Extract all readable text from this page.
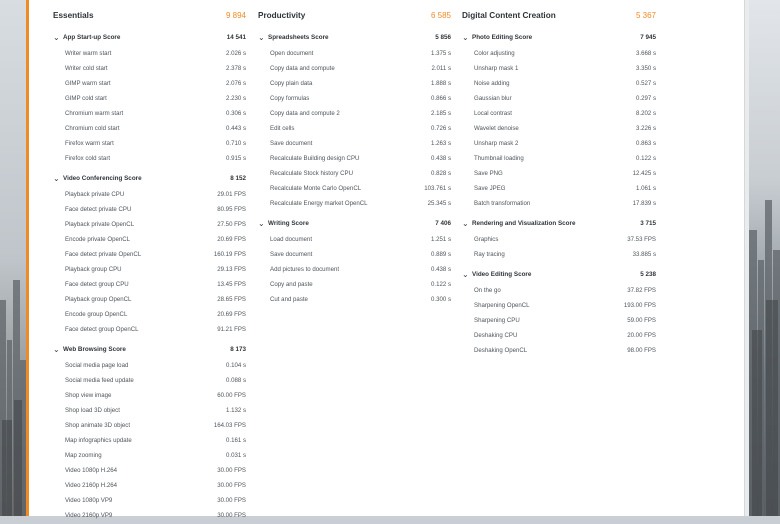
Essentials	9 894
⌄ App Start-up Score	14 541
Writer warm start	2.026 s
Writer cold start	2.378 s
GIMP warm start	2.076 s
GIMP cold start	2.230 s
Chromium warm start	0.306 s
Chromium cold start	0.443 s
Firefox warm start	0.710 s
Firefox cold start	0.915 s
⌄ Video Conferencing Score	8 152
Playback private CPU	29.01 FPS
Face detect private CPU	80.95 FPS
Playback private OpenCL	27.50 FPS
Encode private OpenCL	20.69 FPS
Face detect private OpenCL	160.19 FPS
Playback group CPU	29.13 FPS
Face detect group CPU	13.45 FPS
Playback group OpenCL	28.65 FPS
Encode group OpenCL	20.69 FPS
Face detect group OpenCL	91.21 FPS
⌄ Web Browsing Score	8 173
Social media page load	0.104 s
Social media feed update	0.088 s
Shop view image	60.00 FPS
Shop load 3D object	1.132 s
Shop animate 3D object	164.03 FPS
Map infographics update	0.161 s
Map zooming	0.031 s
Video 1080p H.264	30.00 FPS
Video 2160p H.264	30.00 FPS
Video 1080p VP9	30.00 FPS
Video 2160p VP9	30.00 FPS
Productivity	6 585
⌄ Spreadsheets Score	5 856
Open document	1.375 s
Copy data and compute	2.011 s
Copy plain data	1.888 s
Copy formulas	0.866 s
Copy data and compute 2	2.185 s
Edit cells	0.726 s
Save document	1.263 s
Recalculate Building design CPU	0.438 s
Recalculate Stock history CPU	0.828 s
Recalculate Monte Carlo OpenCL	103.761 s
Recalculate Energy market OpenCL	25.345 s
⌄ Writing Score	7 406
Load document	1.251 s
Save document	0.889 s
Add pictures to document	0.438 s
Copy and paste	0.122 s
Cut and paste	0.300 s
Digital Content Creation	5 367
⌄ Photo Editing Score	7 945
Color adjusting	3.668 s
Unsharp mask 1	3.350 s
Noise adding	0.527 s
Gaussian blur	0.297 s
Local contrast	8.202 s
Wavelet denoise	3.226 s
Unsharp mask 2	0.863 s
Thumbnail loading	0.122 s
Save PNG	12.425 s
Save JPEG	1.061 s
Batch transformation	17.839 s
⌄ Rendering and Visualization Score	3 715
Graphics	37.53 FPS
Ray tracing	33.885 s
⌄ Video Editing Score	5 238
On the go	37.82 FPS
Sharpening OpenCL	193.00 FPS
Sharpening CPU	59.00 FPS
Deshaking CPU	20.00 FPS
Deshaking OpenCL	98.00 FPS
